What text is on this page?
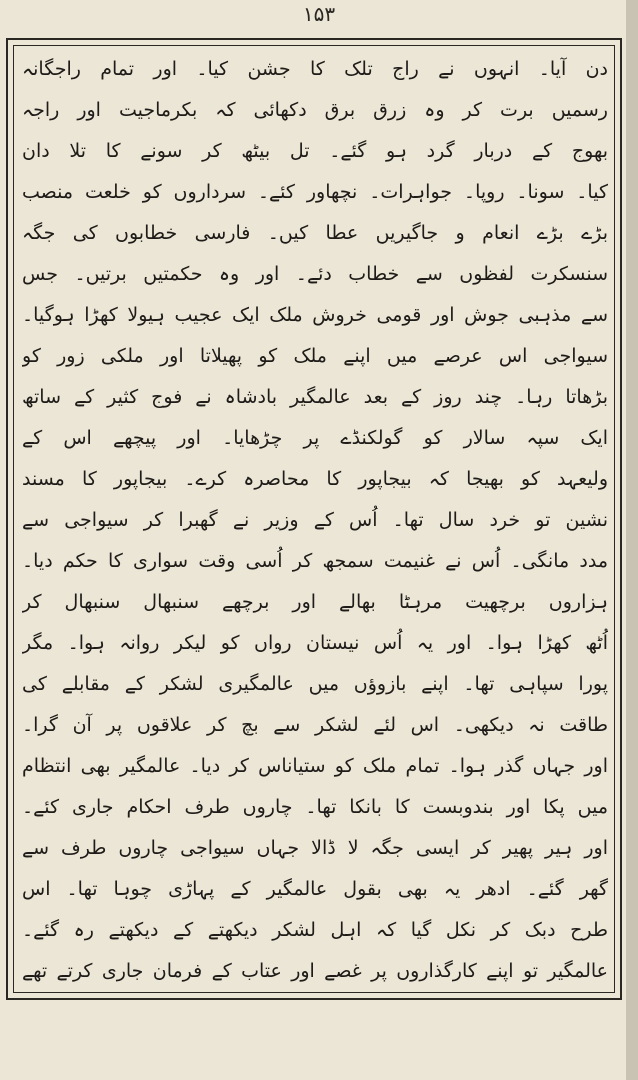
۱۵۳
دن آیا۔ انہوں نے راج تلک کا جشن کیا۔ اور تمام راجگانہ
رسمیں برت کر وہ زرق برق دکھائی کہ بکرماجیت اور راجہ
بھوج کے دربار گرد ہو گئے۔ تل بیٹھ کر سونے کا تلا دان
کیا۔ سونا۔ روپا۔ جواہرات۔ نچھاور کئے۔ سرداروں کو خلعت منصب
بڑے بڑے انعام و جاگیریں عطا کیں۔ فارسی خطابوں کی جگہ
سنسکرت لفظوں سے خطاب دئے۔ اور وہ حکمتیں برتیں۔ جس
سے مذہبی جوش اور قومی خروش ملک ایک عجیب ہیولا کھڑا ہوگیا۔
سیواجی اس عرصے میں اپنے ملک کو پھیلاتا اور ملکی زور کو
بڑھاتا رہا۔ چند روز کے بعد عالمگیر بادشاہ نے فوج کثیر کے ساتھ
ایک سپہ سالار کو گولکنڈے پر چڑھایا۔ اور پیچھے اس کے
ولیعہد کو بھیجا کہ بیجاپور کا محاصرہ کرے۔ بیجاپور کا مسند
نشین تو خرد سال تھا۔ اُس کے وزیر نے گھبرا کر سیواجی سے
مدد مانگی۔ اُس نے غنیمت سمجھ کر اُسی وقت سواری کا حکم دیا۔
ہزاروں برچھیت مرہٹا بھالے اور برچھے سنبھال سنبھال کر
اُٹھ کھڑا ہوا۔ اور یہ اُس نیستان رواں کو لیکر روانہ ہوا۔ مگر
پورا سپاہی تھا۔ اپنے بازوؤں میں عالمگیری لشکر کے مقابلے کی
طاقت نہ دیکھی۔ اس لئے لشکر سے بچ کر علاقوں پر آن گرا۔
اور جہاں گذر ہوا۔ تمام ملک کو ستیاناس کر دیا۔ عالمگیر بھی انتظام
میں پکا اور بندوبست کا بانکا تھا۔ چاروں طرف احکام جاری کئے۔
اور ہیر پھیر کر ایسی جگہ لا ڈالا جہاں سیواجی چاروں طرف سے
گھر گئے۔ ادھر یہ بھی بقول عالمگیر کے پہاڑی چوہا تھا۔ اس
طرح دبک کر نکل گیا کہ اہل لشکر دیکھتے کے دیکھتے رہ گئے۔
عالمگیر تو اپنے کارگذاروں پر غصے اور عتاب کے فرمان جاری کرتے تھے
